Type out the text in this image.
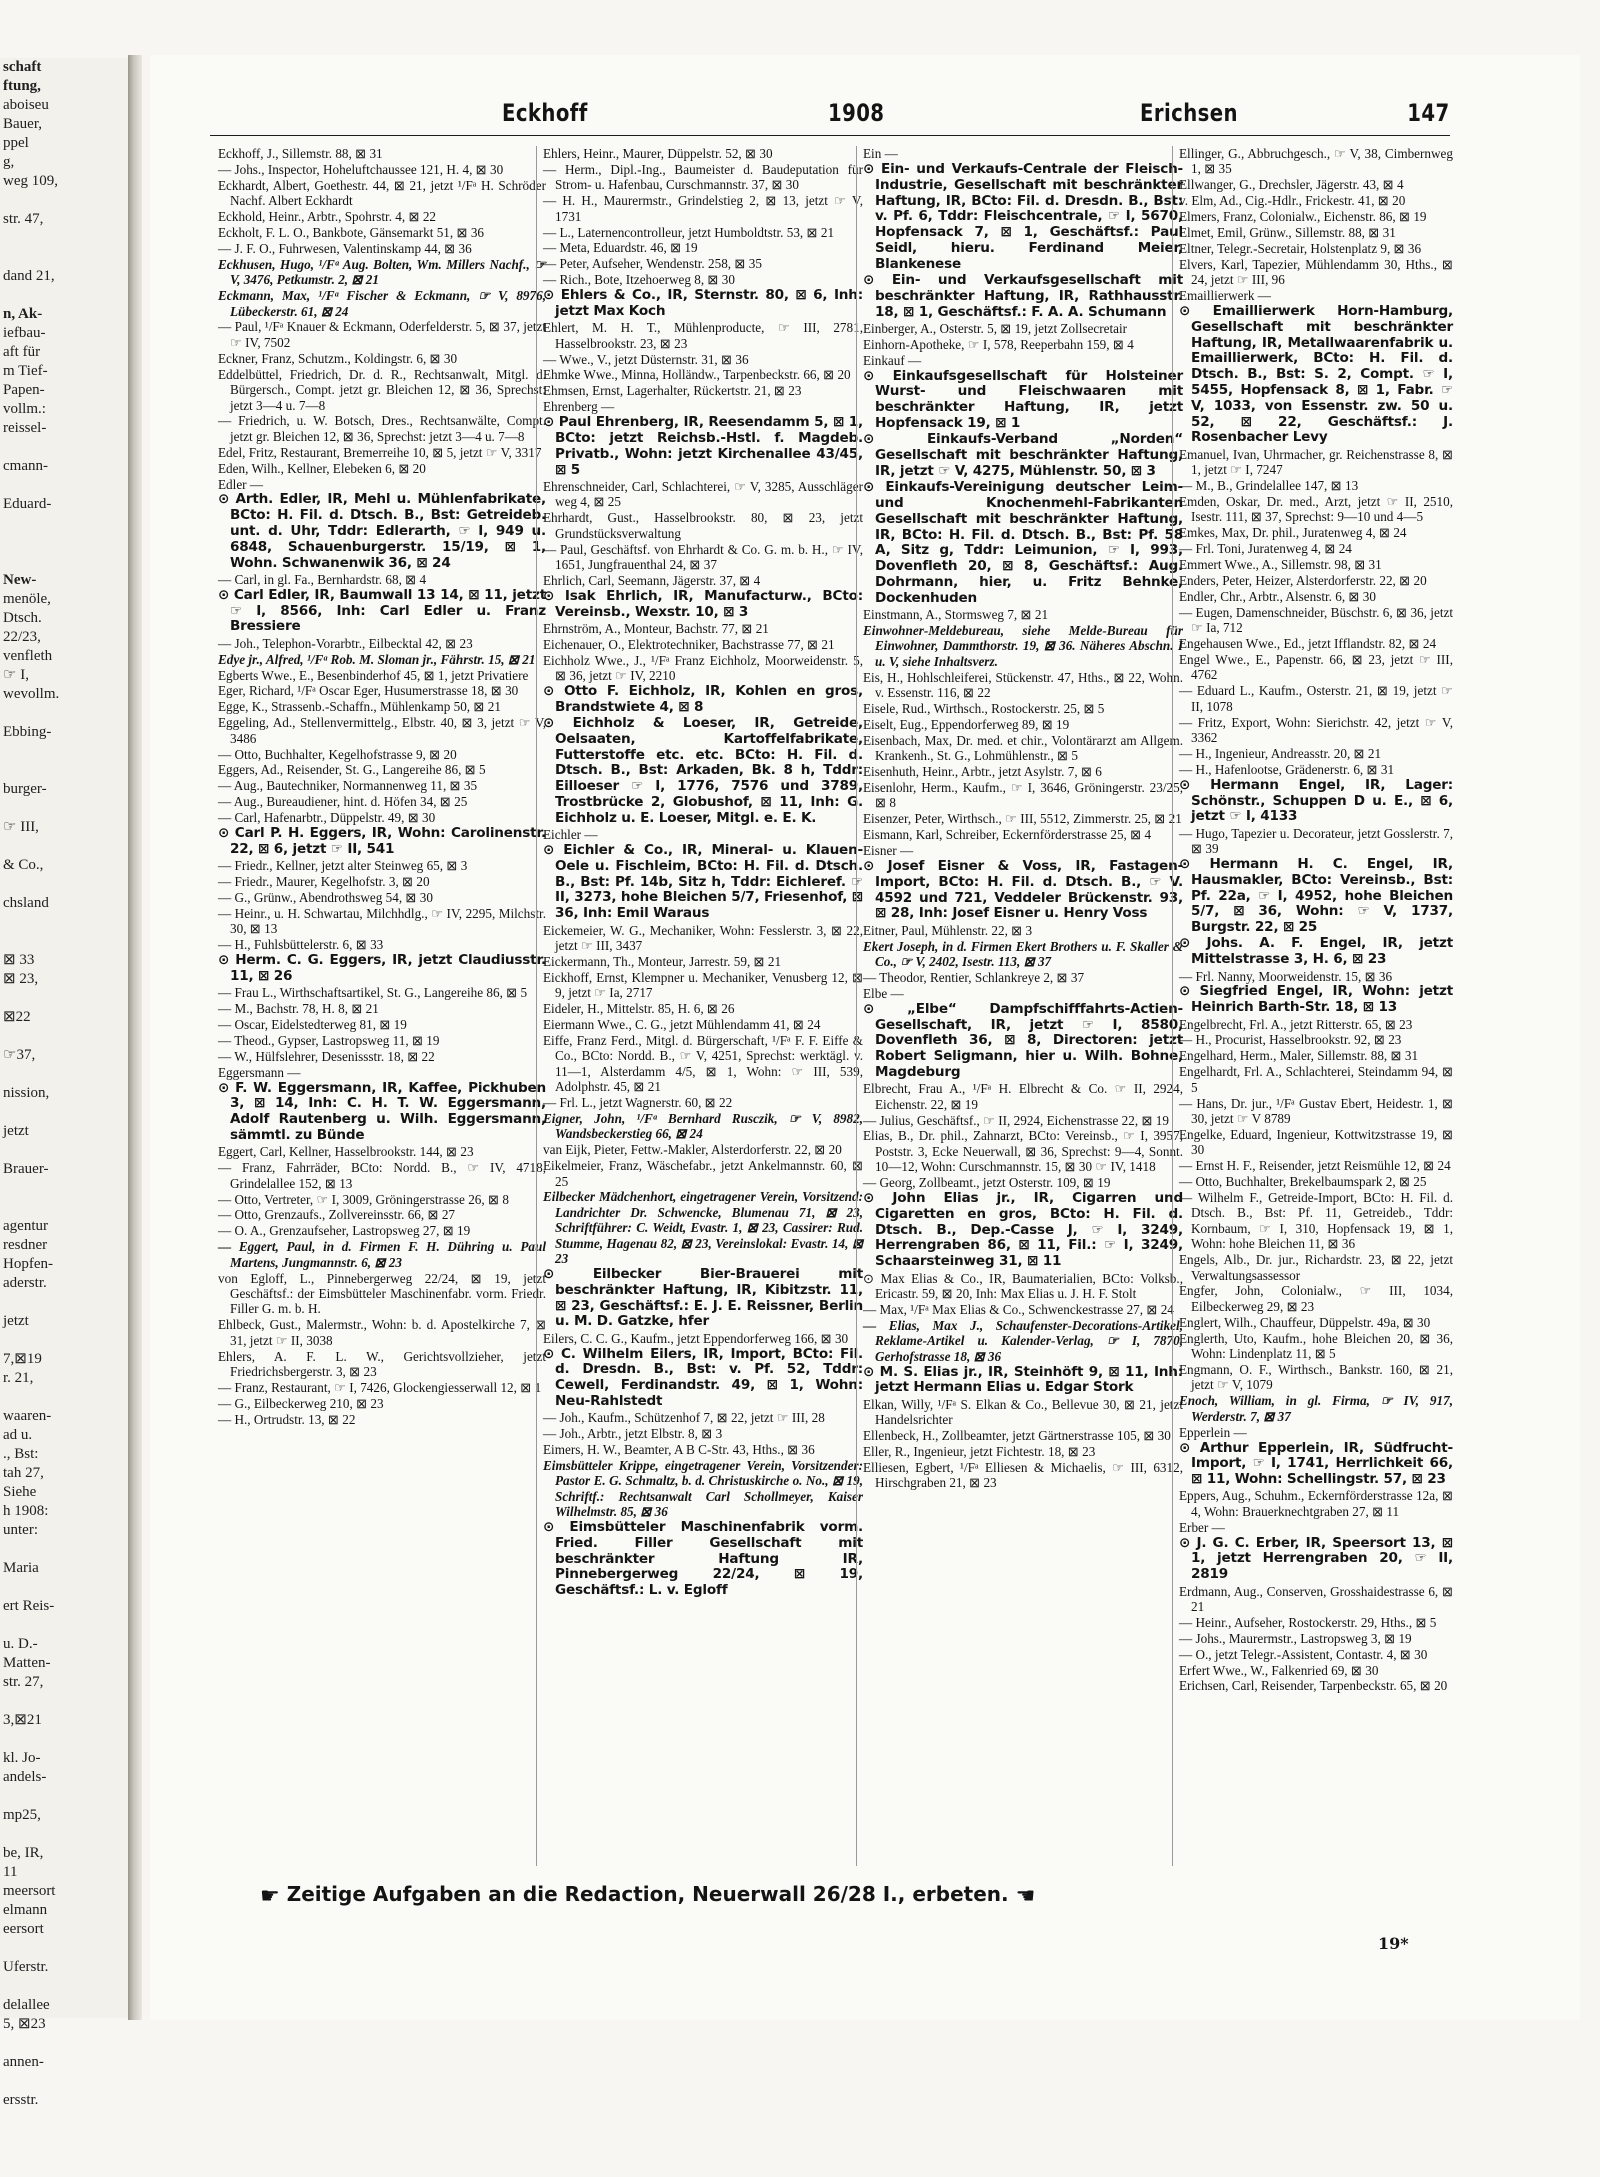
schaft
ftung,
aboiseu
Bauer,
ppel
g,
weg 109,

str. 47,

dand 21,

n, Ak-
iefbau-
aft für
m Tief-
Papen-
vollm.:
reissel-

cmann-

Eduard-

New-
menöle,
Dtsch.
22/23,
venfleth
☞ I,
wevollm.

Ebbing-

burger-

☞ III,

& Co.,

chsland

⊠ 33
⊠ 23,

⊠22

☞37,

nission,

jetzt

Brauer-

agentur
resdner
Hopfen-
aderstr.

jetzt

7,⊠19
r. 21,

waaren-
ad u.
., Bst:
tah 27,
Siehe
h 1908:
unter:

Maria

ert Reis-

u. D.-
Matten-
str. 27,

3,⊠21

kl. Jo-
andels-

mp25,

be, IR,
11
meersort
elmann
eersort

Uferstr.

delallee
5, ⊠23

annen-

ersstr.
Eckhoff	1908	Erichsen	147
Eckhoff, J., Sillemstr. 88, ⊠ 31
— Johs., Inspector, Hoheluftchaussee 121, H. 4, ⊠ 30
Eckhardt, Albert, Goethestr. 44, ⊠ 21, jetzt ¹/Fᵃ H. Schröder Nachf. Albert Eckhardt
Eckhold, Heinr., Arbtr., Spohrstr. 4, ⊠ 22
Eckholt, F. L. O., Bankbote, Gänsemarkt 51, ⊠ 36
— J. F. O., Fuhrwesen, Valentinskamp 44, ⊠ 36
Eckhusen, Hugo, ¹/Fᵃ Aug. Bolten, Wm. Millers Nachf., ☞ V, 3476, Petkumstr. 2, ⊠ 21
Eckmann, Max, ¹/Fᵃ Fischer & Eckmann, ☞ V, 8976, Lübeckerstr. 61, ⊠ 24
— Paul, ¹/Fᵃ Knauer & Eckmann, Oderfelderstr. 5, ⊠ 37, jetzt ☞ IV, 7502
Eckner, Franz, Schutzm., Koldingstr. 6, ⊠ 30
Eddelbüttel, Friedrich, Dr. d. R., Rechtsanwalt, Mitgl. d. Bürgersch., Compt. jetzt gr. Bleichen 12, ⊠ 36, Sprechst: jetzt 3—4 u. 7—8
— Friedrich, u. W. Botsch, Dres., Rechtsanwälte, Compt. jetzt gr. Bleichen 12, ⊠ 36, Sprechst: jetzt 3—4 u. 7—8
Edel, Fritz, Restaurant, Bremerreihe 10, ⊠ 5, jetzt ☞ V, 3317
Eden, Wilh., Kellner, Elebeken 6, ⊠ 20
Edler —
⊙ Arth. Edler, IR, Mehl u. Mühlenfabrikate, BCto: H. Fil. d. Dtsch. B., Bst: Getreideb. unt. d. Uhr, Tddr: Edlerarth, ☞ I, 949 u. 6848, Schauenburgerstr. 15/19, ⊠ 1, Wohn. Schwanenwik 36, ⊠ 24
— Carl, in gl. Fa., Bernhardstr. 68, ⊠ 4
⊙ Carl Edler, IR, Baumwall 13 14, ⊠ 11, jetzt ☞ I, 8566, Inh: Carl Edler u. Franz Bressiere
— Joh., Telephon-Vorarbtr., Eilbecktal 42, ⊠ 23
Edye jr., Alfred, ¹/Fᵃ Rob. M. Sloman jr., Fährstr. 15, ⊠ 21
Egberts Wwe., E., Besenbinderhof 45, ⊠ 1, jetzt Privatiere
Eger, Richard, ¹/Fᵃ Oscar Eger, Husumerstrasse 18, ⊠ 30
Egge, K., Strassenb.-Schaffn., Mühlenkamp 50, ⊠ 21
Eggeling, Ad., Stellenvermittelg., Elbstr. 40, ⊠ 3, jetzt ☞ V, 3486
— Otto, Buchhalter, Kegelhofstrasse 9, ⊠ 20
Eggers, Ad., Reisender, St. G., Langereihe 86, ⊠ 5
— Aug., Bautechniker, Normannenweg 11, ⊠ 35
— Aug., Bureaudiener, hint. d. Höfen 34, ⊠ 25
— Carl, Hafenarbtr., Düppelstr. 49, ⊠ 30
⊙ Carl P. H. Eggers, IR, Wohn: Carolinenstr. 22, ⊠ 6, jetzt ☞ II, 541
— Friedr., Kellner, jetzt alter Steinweg 65, ⊠ 3
— Friedr., Maurer, Kegelhofstr. 3, ⊠ 20
— G., Grünw., Abendrothsweg 54, ⊠ 30
— Heinr., u. H. Schwartau, Milchhdlg., ☞ IV, 2295, Milchstr. 30, ⊠ 13
— H., Fuhlsbüttelerstr. 6, ⊠ 33
⊙ Herm. C. G. Eggers, IR, jetzt Claudiusstr. 11, ⊠ 26
— Frau L., Wirthschaftsartikel, St. G., Langereihe 86, ⊠ 5
— M., Bachstr. 78, H. 8, ⊠ 21
— Oscar, Eidelstedterweg 81, ⊠ 19
— Theod., Gypser, Lastropsweg 11, ⊠ 19
— W., Hülfslehrer, Desenissstr. 18, ⊠ 22
Eggersmann —
⊙ F. W. Eggersmann, IR, Kaffee, Pickhuben 3, ⊠ 14, Inh: C. H. T. W. Eggersmann, Adolf Rautenberg u. Wilh. Eggersmann, sämmtl. zu Bünde
Eggert, Carl, Kellner, Hasselbrookstr. 144, ⊠ 23
— Franz, Fahrräder, BCto: Nordd. B., ☞ IV, 4718, Grindelallee 152, ⊠ 13
— Otto, Vertreter, ☞ I, 3009, Gröningerstrasse 26, ⊠ 8
— Otto, Grenzaufs., Zollvereinsstr. 66, ⊠ 27
— O. A., Grenzaufseher, Lastropsweg 27, ⊠ 19
— Eggert, Paul, in d. Firmen F. H. Dühring u. Paul Martens, Jungmannstr. 6, ⊠ 23
von Egloff, L., Pinnebergerweg 22/24, ⊠ 19, jetzt Geschäftsf.: der Eimsbütteler Maschinenfabr. vorm. Friedr. Filler G. m. b. H.
Ehlbeck, Gust., Malermstr., Wohn: b. d. Apostelkirche 7, ⊠ 31, jetzt ☞ II, 3038
Ehlers, A. F. L. W., Gerichtsvollzieher, jetzt Friedrichsbergerstr. 3, ⊠ 23
— Franz, Restaurant, ☞ I, 7426, Glockengiesserwall 12, ⊠ 1
— G., Eilbeckerweg 210, ⊠ 23
— H., Ortrudstr. 13, ⊠ 22
Ehlers, Heinr., Maurer, Düppelstr. 52, ⊠ 30
— Herm., Dipl.-Ing., Baumeister d. Baudeputation für Strom- u. Hafenbau, Curschmannstr. 37, ⊠ 30
— H. H., Maurermstr., Grindelstieg 2, ⊠ 13, jetzt ☞ V, 1731
— L., Laternencontrolleur, jetzt Humboldtstr. 53, ⊠ 21
— Meta, Eduardstr. 46, ⊠ 19
— Peter, Aufseher, Wendenstr. 258, ⊠ 35
— Rich., Bote, Itzehoerweg 8, ⊠ 30
⊙ Ehlers & Co., IR, Sternstr. 80, ⊠ 6, Inh: jetzt Max Koch
Ehlert, M. H. T., Mühlenproducte, ☞ III, 2781, Hasselbrookstr. 23, ⊠ 23
— Wwe., V., jetzt Düsternstr. 31, ⊠ 36
Ehmke Wwe., Minna, Holländw., Tarpenbeckstr. 66, ⊠ 20
Ehmsen, Ernst, Lagerhalter, Rückertstr. 21, ⊠ 23
Ehrenberg —
⊙ Paul Ehrenberg, IR, Reesendamm 5, ⊠ 1, BCto: jetzt Reichsb.-Hstl. f. Magdeb. Privatb., Wohn: jetzt Kirchenallee 43/45, ⊠ 5
Ehrenschneider, Carl, Schlachterei, ☞ V, 3285, Ausschläger weg 4, ⊠ 25
Ehrhardt, Gust., Hasselbrookstr. 80, ⊠ 23, jetzt Grundstücksverwaltung
— Paul, Geschäftsf. von Ehrhardt & Co. G. m. b. H., ☞ IV, 1651, Jungfrauenthal 24, ⊠ 37
Ehrlich, Carl, Seemann, Jägerstr. 37, ⊠ 4
⊙ Isak Ehrlich, IR, Manufacturw., BCto: Vereinsb., Wexstr. 10, ⊠ 3
Ehrnström, A., Monteur, Bachstr. 77, ⊠ 21
Eichenauer, O., Elektrotechniker, Bachstrasse 77, ⊠ 21
Eichholz Wwe., J., ¹/Fᵃ Franz Eichholz, Moorweidenstr. 5, ⊠ 36, jetzt ☞ IV, 2210
⊙ Otto F. Eichholz, IR, Kohlen en gros, Brandstwiete 4, ⊠ 8
⊙ Eichholz & Loeser, IR, Getreide, Oelsaaten, Kartoffelfabrikate, Futterstoffe etc. etc. BCto: H. Fil. d. Dtsch. B., Bst: Arkaden, Bk. 8 h, Tddr: Eilloeser ☞ I, 1776, 7576 und 3789, Trostbrücke 2, Globushof, ⊠ 11, Inh: G. Eichholz u. E. Loeser, Mitgl. e. E. K.
Eichler —
⊙ Eichler & Co., IR, Mineral- u. Klauen-Oele u. Fischleim, BCto: H. Fil. d. Dtsch. B., Bst: Pf. 14b, Sitz h, Tddr: Eichleref. ☞ II, 3273, hohe Bleichen 5/7, Friesenhof, ⊠ 36, Inh: Emil Waraus
Eickemeier, W. G., Mechaniker, Wohn: Fesslerstr. 3, ⊠ 22, jetzt ☞ III, 3437
Eickermann, Th., Monteur, Jarrestr. 59, ⊠ 21
Eickhoff, Ernst, Klempner u. Mechaniker, Venusberg 12, ⊠ 9, jetzt ☞ Ia, 2717
Eideler, H., Mittelstr. 85, H. 6, ⊠ 26
Eiermann Wwe., C. G., jetzt Mühlendamm 41, ⊠ 24
Eiffe, Franz Ferd., Mitgl. d. Bürgerschaft, ¹/Fᵃ F. F. Eiffe & Co., BCto: Nordd. B., ☞ V, 4251, Sprechst: werktägl. v. 11—1, Alsterdamm 4/5, ⊠ 1, Wohn: ☞ III, 539, Adolphstr. 45, ⊠ 21
— Frl. L., jetzt Wagnerstr. 60, ⊠ 22
Eigner, John, ¹/Fᵃ Bernhard Rusczik, ☞ V, 8982, Wandsbeckerstieg 66, ⊠ 24
van Eijk, Pieter, Fettw.-Makler, Alsterdorferstr. 22, ⊠ 20
Eikelmeier, Franz, Wäschefabr., jetzt Ankelmannstr. 60, ⊠ 25
Eilbecker Mädchenhort, eingetragener Verein, Vorsitzend: Landrichter Dr. Schwencke, Blumenau 71, ⊠ 23, Schriftführer: C. Weidt, Evastr. 1, ⊠ 23, Cassirer: Rud. Stumme, Hagenau 82, ⊠ 23, Vereinslokal: Evastr. 14, ⊠ 23
⊙ Eilbecker Bier-Brauerei mit beschränkter Haftung, IR, Kibitzstr. 11, ⊠ 23, Geschäftsf.: E. J. E. Reissner, Berlin u. M. D. Gatzke, hfer
Eilers, C. C. G., Kaufm., jetzt Eppendorferweg 166, ⊠ 30
⊙ C. Wilhelm Eilers, IR, Import, BCto: Fil. d. Dresdn. B., Bst: v. Pf. 52, Tddr: Cewell, Ferdinandstr. 49, ⊠ 1, Wohn: Neu-Rahlstedt
— Joh., Kaufm., Schützenhof 7, ⊠ 22, jetzt ☞ III, 28
— Joh., Arbtr., jetzt Elbstr. 8, ⊠ 3
Eimers, H. W., Beamter, A B C-Str. 43, Hths., ⊠ 36
Eimsbütteler Krippe, eingetragener Verein, Vorsitzender: Pastor E. G. Schmaltz, b. d. Christuskirche o. No., ⊠ 19, Schriftf.: Rechtsanwalt Carl Schollmeyer, Kaiser Wilhelmstr. 85, ⊠ 36
⊙ Eimsbütteler Maschinenfabrik vorm. Fried. Filler Gesellschaft mit beschränkter Haftung IR, Pinnebergerweg 22/24, ⊠ 19, Geschäftsf.: L. v. Egloff
Ein —
⊙ Ein- und Verkaufs-Centrale der Fleisch-Industrie, Gesellschaft mit beschränkter Haftung, IR, BCto: Fil. d. Dresdn. B., Bst: v. Pf. 6, Tddr: Fleischcentrale, ☞ I, 5670, Hopfensack 7, ⊠ 1, Geschäftsf.: Paul Seidl, hieru. Ferdinand Meier, Blankenese
⊙ Ein- und Verkaufsgesellschaft mit beschränkter Haftung, IR, Rathhausstr. 18, ⊠ 1, Geschäftsf.: F. A. A. Schumann
Einberger, A., Osterstr. 5, ⊠ 19, jetzt Zollsecretair
Einhorn-Apotheke, ☞ I, 578, Reeperbahn 159, ⊠ 4
Einkauf —
⊙ Einkaufsgesellschaft für Holsteiner Wurst- und Fleischwaaren mit beschränkter Haftung, IR, jetzt Hopfensack 19, ⊠ 1
⊙ Einkaufs-Verband „Norden“ Gesellschaft mit beschränkter Haftung, IR, jetzt ☞ V, 4275, Mühlenstr. 50, ⊠ 3
⊙ Einkaufs-Vereinigung deutscher Leim- und Knochenmehl-Fabrikanten Gesellschaft mit beschränkter Haftung, IR, BCto: H. Fil. d. Dtsch. B., Bst: Pf. 58 A, Sitz g, Tddr: Leimunion, ☞ I, 993, Dovenfleth 20, ⊠ 8, Geschäftsf.: Aug. Dohrmann, hier, u. Fritz Behnke, Dockenhuden
Einstmann, A., Stormsweg 7, ⊠ 21
Einwohner-Meldebureau, siehe Melde-Bureau für Einwohner, Dammthorstr. 19, ⊠ 36. Näheres Abschn. I u. V, siehe Inhaltsverz.
Eis, H., Hohlschleiferei, Stückenstr. 47, Hths., ⊠ 22, Wohn. v. Essenstr. 116, ⊠ 22
Eisele, Rud., Wirthsch., Rostockerstr. 25, ⊠ 5
Eiselt, Eug., Eppendorferweg 89, ⊠ 19
Eisenbach, Max, Dr. med. et chir., Volontärarzt am Allgem. Krankenh., St. G., Lohmühlenstr., ⊠ 5
Eisenhuth, Heinr., Arbtr., jetzt Asylstr. 7, ⊠ 6
Eisenlohr, Herm., Kaufm., ☞ I, 3646, Gröningerstr. 23/25, ⊠ 8
Eisenzer, Peter, Wirthsch., ☞ III, 5512, Zimmerstr. 25, ⊠ 21
Eismann, Karl, Schreiber, Eckernförderstrasse 25, ⊠ 4
Eisner —
⊙ Josef Eisner & Voss, IR, Fastagen-Import, BCto: H. Fil. d. Dtsch. B., ☞ V. 4592 und 721, Veddeler Brückenstr. 93, ⊠ 28, Inh: Josef Eisner u. Henry Voss
Eitner, Paul, Mühlenstr. 22, ⊠ 3
Ekert Joseph, in d. Firmen Ekert Brothers u. F. Skaller & Co., ☞ V, 2402, Isestr. 113, ⊠ 37
— Theodor, Rentier, Schlankreye 2, ⊠ 37
Elbe —
⊙ „Elbe“ Dampfschifffahrts-Actien-Gesellschaft, IR, jetzt ☞ I, 8580, Dovenfleth 36, ⊠ 8, Directoren: jetzt Robert Seligmann, hier u. Wilh. Bohne, Magdeburg
Elbrecht, Frau A., ¹/Fᵃ H. Elbrecht & Co. ☞ II, 2924, Eichenstr. 22, ⊠ 19
— Julius, Geschäftsf., ☞ II, 2924, Eichenstrasse 22, ⊠ 19
Elias, B., Dr. phil., Zahnarzt, BCto: Vereinsb., ☞ I, 3957, Poststr. 3, Ecke Neuerwall, ⊠ 36, Sprechst: 9—4, Sonnt. 10—12, Wohn: Curschmannstr. 15, ⊠ 30 ☞ IV, 1418
— Georg, Zollbeamt., jetzt Osterstr. 109, ⊠ 19
⊙ John Elias jr., IR, Cigarren und Cigaretten en gros, BCto: H. Fil. d. Dtsch. B., Dep.-Casse J, ☞ I, 3249, Herrengraben 86, ⊠ 11, Fil.: ☞ I, 3249, Schaarsteinweg 31, ⊠ 11
⊙ Max Elias & Co., IR, Baumaterialien, BCto: Volksb., Ericastr. 59, ⊠ 20, Inh: Max Elias u. J. H. F. Stolt
— Max, ¹/Fᵃ Max Elias & Co., Schwenckestrasse 27, ⊠ 24
— Elias, Max J., Schaufenster-Decorations-Artikel, Reklame-Artikel u. Kalender-Verlag, ☞ I, 7870, Gerhofstrasse 18, ⊠ 36
⊙ M. S. Elias jr., IR, Steinhöft 9, ⊠ 11, Inh: jetzt Hermann Elias u. Edgar Stork
Elkan, Willy, ¹/Fᵃ S. Elkan & Co., Bellevue 30, ⊠ 21, jetzt Handelsrichter
Ellenbeck, H., Zollbeamter, jetzt Gärtnerstrasse 105, ⊠ 30
Eller, R., Ingenieur, jetzt Fichtestr. 18, ⊠ 23
Elliesen, Egbert, ¹/Fᵃ Elliesen & Michaelis, ☞ III, 6312, Hirschgraben 21, ⊠ 23
Ellinger, G., Abbruchgesch., ☞ V, 38, Cimbernweg 1, ⊠ 35
Ellwanger, G., Drechsler, Jägerstr. 43, ⊠ 4
v. Elm, Ad., Cig.-Hdlr., Frickestr. 41, ⊠ 20
Elmers, Franz, Colonialw., Eichenstr. 86, ⊠ 19
Elmet, Emil, Grünw., Sillemstr. 88, ⊠ 31
Eltner, Telegr.-Secretair, Holstenplatz 9, ⊠ 36
Elvers, Karl, Tapezier, Mühlendamm 30, Hths., ⊠ 24, jetzt ☞ III, 96
Emaillierwerk —
⊙ Emaillierwerk Horn-Hamburg, Gesellschaft mit beschränkter Haftung, IR, Metallwaarenfabrik u. Emaillierwerk, BCto: H. Fil. d. Dtsch. B., Bst: S. 2, Compt. ☞ I, 5455, Hopfensack 8, ⊠ 1, Fabr. ☞ V, 1033, von Essenstr. zw. 50 u. 52, ⊠ 22, Geschäftsf.: J. Rosenbacher Levy
Emanuel, Ivan, Uhrmacher, gr. Reichenstrasse 8, ⊠ 1, jetzt ☞ I, 7247
— M., B., Grindelallee 147, ⊠ 13
Emden, Oskar, Dr. med., Arzt, jetzt ☞ II, 2510, Isestr. 111, ⊠ 37, Sprechst: 9—10 und 4—5
Emkes, Max, Dr. phil., Juratenweg 4, ⊠ 24
— Frl. Toni, Juratenweg 4, ⊠ 24
Emmert Wwe., A., Sillemstr. 98, ⊠ 31
Enders, Peter, Heizer, Alsterdorferstr. 22, ⊠ 20
Endler, Chr., Arbtr., Alsenstr. 6, ⊠ 30
— Eugen, Damenschneider, Büschstr. 6, ⊠ 36, jetzt ☞ Ia, 712
Engehausen Wwe., Ed., jetzt Ifflandstr. 82, ⊠ 24
Engel Wwe., E., Papenstr. 66, ⊠ 23, jetzt ☞ III, 4762
— Eduard L., Kaufm., Osterstr. 21, ⊠ 19, jetzt ☞ II, 1078
— Fritz, Export, Wohn: Sierichstr. 42, jetzt ☞ V, 3362
— H., Ingenieur, Andreasstr. 20, ⊠ 21
— H., Hafenlootse, Grädenerstr. 6, ⊠ 31
⊙ Hermann Engel, IR, Lager: Schönstr., Schuppen D u. E., ⊠ 6, jetzt ☞ I, 4133
— Hugo, Tapezier u. Decorateur, jetzt Gosslerstr. 7, ⊠ 39
⊙ Hermann H. C. Engel, IR, Hausmakler, BCto: Vereinsb., Bst: Pf. 22a, ☞ I, 4952, hohe Bleichen 5/7, ⊠ 36, Wohn: ☞ V, 1737, Burgstr. 22, ⊠ 25
⊙ Johs. A. F. Engel, IR, jetzt Mittelstrasse 3, H. 6, ⊠ 23
— Frl. Nanny, Moorweidenstr. 15, ⊠ 36
⊙ Siegfried Engel, IR, Wohn: jetzt Heinrich Barth-Str. 18, ⊠ 13
Engelbrecht, Frl. A., jetzt Ritterstr. 65, ⊠ 23
— H., Procurist, Hasselbrookstr. 92, ⊠ 23
Engelhard, Herm., Maler, Sillemstr. 88, ⊠ 31
Engelhardt, Frl. A., Schlachterei, Steindamm 94, ⊠ 5
— Hans, Dr. jur., ¹/Fᵃ Gustav Ebert, Heidestr. 1, ⊠ 30, jetzt ☞ V 8789
Engelke, Eduard, Ingenieur, Kottwitzstrasse 19, ⊠ 30
— Ernst H. F., Reisender, jetzt Reismühle 12, ⊠ 24
— Otto, Buchhalter, Brekelbaumspark 2, ⊠ 25
— Wilhelm F., Getreide-Import, BCto: H. Fil. d. Dtsch. B., Bst: Pf. 11, Getreideb., Tddr: Kornbaum, ☞ I, 310, Hopfensack 19, ⊠ 1, Wohn: hohe Bleichen 11, ⊠ 36
Engels, Alb., Dr. jur., Richardstr. 23, ⊠ 22, jetzt Verwaltungsassessor
Engfer, John, Colonialw., ☞ III, 1034, Eilbeckerweg 29, ⊠ 23
Englert, Wilh., Chauffeur, Düppelstr. 49a, ⊠ 30
Englerth, Uto, Kaufm., hohe Bleichen 20, ⊠ 36, Wohn: Lindenplatz 11, ⊠ 5
Engmann, O. F., Wirthsch., Bankstr. 160, ⊠ 21, jetzt ☞ V, 1079
Enoch, William, in gl. Firma, ☞ IV, 917, Werderstr. 7, ⊠ 37
Epperlein —
⊙ Arthur Epperlein, IR, Südfrucht-Import, ☞ I, 1741, Herrlichkeit 66, ⊠ 11, Wohn: Schellingstr. 57, ⊠ 23
Eppers, Aug., Schuhm., Eckernförderstrasse 12a, ⊠ 4, Wohn: Brauerknechtgraben 27, ⊠ 11
Erber —
⊙ J. G. C. Erber, IR, Speersort 13, ⊠ 1, jetzt Herrengraben 20, ☞ II, 2819
Erdmann, Aug., Conserven, Grosshaidestrasse 6, ⊠ 21
— Heinr., Aufseher, Rostockerstr. 29, Hths., ⊠ 5
— Johs., Maurermstr., Lastropsweg 3, ⊠ 19
— O., jetzt Telegr.-Assistent, Contastr. 4, ⊠ 30
Erfert Wwe., W., Falkenried 69, ⊠ 30
Erichsen, Carl, Reisender, Tarpenbeckstr. 65, ⊠ 20
☛ Zeitige Aufgaben an die Redaction, Neuerwall 26/28 I., erbeten. ☚
19*
